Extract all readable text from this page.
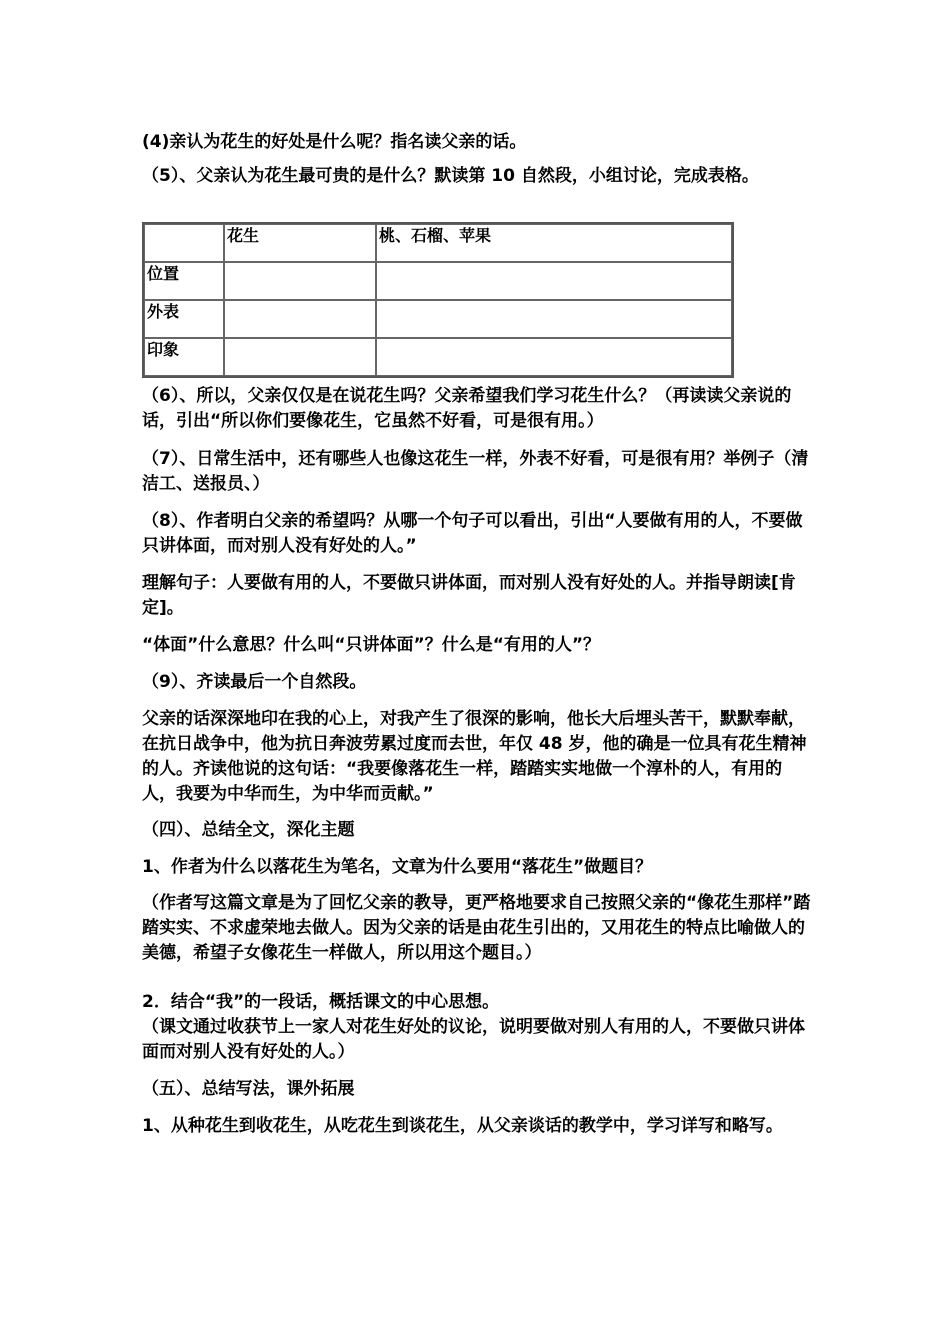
(4)亲认为花生的好处是什么呢？指名读父亲的话。
（5）、父亲认为花生最可贵的是什么？默读第 10 自然段，小组讨论，完成表格。
	花生	桃、石榴、苹果
位置		
外表		
印象		
（6）、所以，父亲仅仅是在说花生吗？父亲希望我们学习花生什么？（再读读父亲说的话，引出“所以你们要像花生，它虽然不好看，可是很有用。）
（7）、日常生活中，还有哪些人也像这花生一样，外表不好看，可是很有用？举例子（清洁工、送报员、）
（8）、作者明白父亲的希望吗？从哪一个句子可以看出，引出“人要做有用的人，不要做只讲体面，而对别人没有好处的人。”
理解句子：人要做有用的人，不要做只讲体面，而对别人没有好处的人。并指导朗读[肯定]。
“体面”什么意思？什么叫“只讲体面”？什么是“有用的人”？
（9）、齐读最后一个自然段。
父亲的话深深地印在我的心上，对我产生了很深的影响，他长大后埋头苦干，默默奉献，在抗日战争中，他为抗日奔波劳累过度而去世，年仅 48 岁，他的确是一位具有花生精神的人。齐读他说的这句话：“我要像落花生一样，踏踏实实地做一个淳朴的人，有用的人，我要为中华而生，为中华而贡献。”
（四）、总结全文，深化主题
1、作者为什么以落花生为笔名，文章为什么要用“落花生”做题目？
（作者写这篇文章是为了回忆父亲的教导，更严格地要求自己按照父亲的“像花生那样”踏踏实实、不求虚荣地去做人。因为父亲的话是由花生引出的，又用花生的特点比喻做人的美德，希望子女像花生一样做人，所以用这个题目。）
2．结合“我”的一段话，概括课文的中心思想。
（课文通过收获节上一家人对花生好处的议论，说明要做对别人有用的人，不要做只讲体面而对别人没有好处的人。）
（五）、总结写法，课外拓展
1、从种花生到收花生，从吃花生到谈花生，从父亲谈话的教学中，学习详写和略写。
